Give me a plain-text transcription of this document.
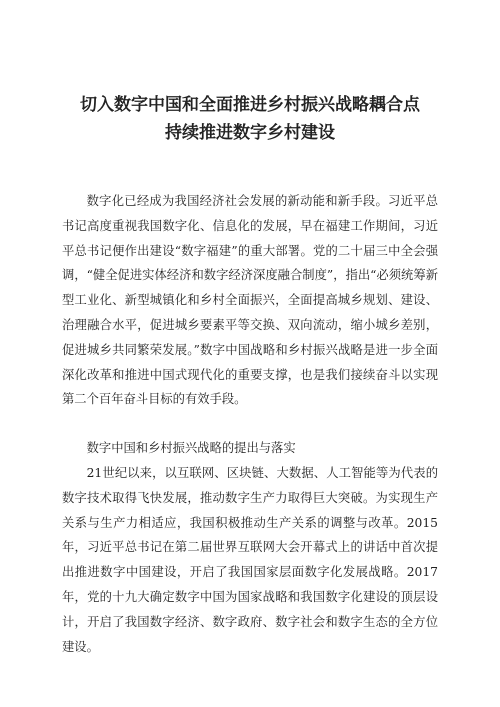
切入数字中国和全面推进乡村振兴战略耦合点
持续推进数字乡村建设

数字化已经成为我国经济社会发展的新动能和新手段。习近平总书记高度重视我国数字化、信息化的发展，早在福建工作期间，习近平总书记便作出建设“数字福建”的重大部署。党的二十届三中全会强调，“健全促进实体经济和数字经济深度融合制度”，指出“必须统筹新型工业化、新型城镇化和乡村全面振兴，全面提高城乡规划、建设、治理融合水平，促进城乡要素平等交换、双向流动，缩小城乡差别，促进城乡共同繁荣发展。”数字中国战略和乡村振兴战略是进一步全面深化改革和推进中国式现代化的重要支撑，也是我们接续奋斗以实现第二个百年奋斗目标的有效手段。

数字中国和乡村振兴战略的提出与落实

21世纪以来，以互联网、区块链、大数据、人工智能等为代表的数字技术取得飞快发展，推动数字生产力取得巨大突破。为实现生产关系与生产力相适应，我国积极推动生产关系的调整与改革。2015年，习近平总书记在第二届世界互联网大会开幕式上的讲话中首次提出推进数字中国建设，开启了我国国家层面数字化发展战略。2017年，党的十九大确定数字中国为国家战略和我国数字化建设的顶层设计，开启了我国数字经济、数字政府、数字社会和数字生态的全方位建设。
